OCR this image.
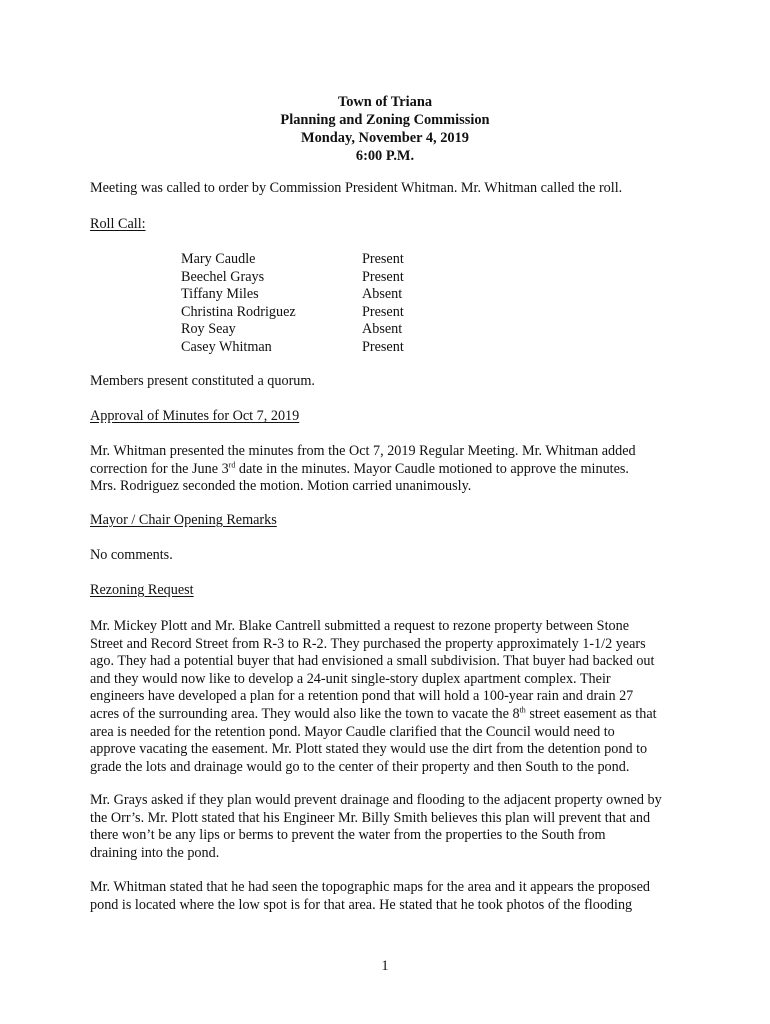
Town of Triana
Planning and Zoning Commission
Monday, November 4, 2019
6:00 P.M.

Meeting was called to order by Commission President Whitman. Mr. Whitman called the roll.

Roll Call:

Mary Caudle	Present
Beechel Grays	Present
Tiffany Miles	Absent
Christina Rodriguez	Present
Roy Seay	Absent
Casey Whitman	Present

Members present constituted a quorum.

Approval of Minutes for Oct 7, 2019

Mr. Whitman presented the minutes from the Oct 7, 2019 Regular Meeting. Mr. Whitman added

correction for the June 3rd date in the minutes. Mayor Caudle motioned to approve the minutes.

Mrs. Rodriguez seconded the motion. Motion carried unanimously.

Mayor / Chair Opening Remarks

No comments.

Rezoning Request

Mr. Mickey Plott and Mr. Blake Cantrell submitted a request to rezone property between Stone

Street and Record Street from R-3 to R-2. They purchased the property approximately 1-1/2 years

ago. They had a potential buyer that had envisioned a small subdivision. That buyer had backed out

and they would now like to develop a 24-unit single-story duplex apartment complex. Their

engineers have developed a plan for a retention pond that will hold a 100-year rain and drain 27

acres of the surrounding area. They would also like the town to vacate the 8th street easement as that

area is needed for the retention pond. Mayor Caudle clarified that the Council would need to

approve vacating the easement. Mr. Plott stated they would use the dirt from the detention pond to

grade the lots and drainage would go to the center of their property and then South to the pond.

Mr. Grays asked if they plan would prevent drainage and flooding to the adjacent property owned by

the Orr’s. Mr. Plott stated that his Engineer Mr. Billy Smith believes this plan will prevent that and

there won’t be any lips or berms to prevent the water from the properties to the South from

draining into the pond.

Mr. Whitman stated that he had seen the topographic maps for the area and it appears the proposed

pond is located where the low spot is for that area. He stated that he took photos of the flooding

1
